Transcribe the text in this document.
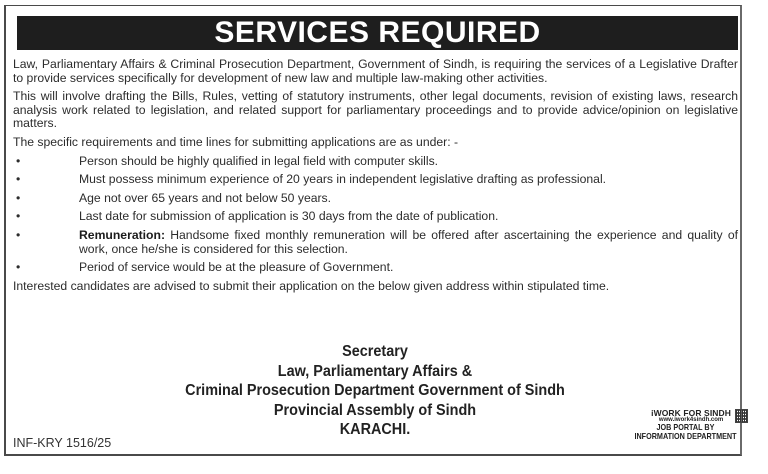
SERVICES REQUIRED

Law, Parliamentary Affairs & Criminal Prosecution Department, Government of Sindh, is requiring the services of a Legislative Drafter to provide services specifically for development of new law and multiple law-making other activities.

This will involve drafting the Bills, Rules, vetting of statutory instruments, other legal documents, revision of existing laws, research analysis work related to legislation, and related support for parliamentary proceedings and to provide advice/opinion on legislative matters.

The specific requirements and time lines for submitting applications are as under: -

•	Person should be highly qualified in legal field with computer skills.
•	Must possess minimum experience of 20 years in independent legislative drafting as professional.
•	Age not over 65 years and not below 50 years.
•	Last date for submission of application is 30 days from the date of publication.
•	Remuneration: Handsome fixed monthly remuneration will be offered after ascertaining the experience and quality of work, once he/she is considered for this selection.
•	Period of service would be at the pleasure of Government.

Interested candidates are advised to submit their application on the below given address within stipulated time.

Secretary
Law, Parliamentary Affairs &
Criminal Prosecution Department Government of Sindh
Provincial Assembly of Sindh
KARACHI.
INF-KRY 1516/25
iWORK FOR SINDH
www.iwork4sindh.com
JOB PORTAL BY
INFORMATION DEPARTMENT
